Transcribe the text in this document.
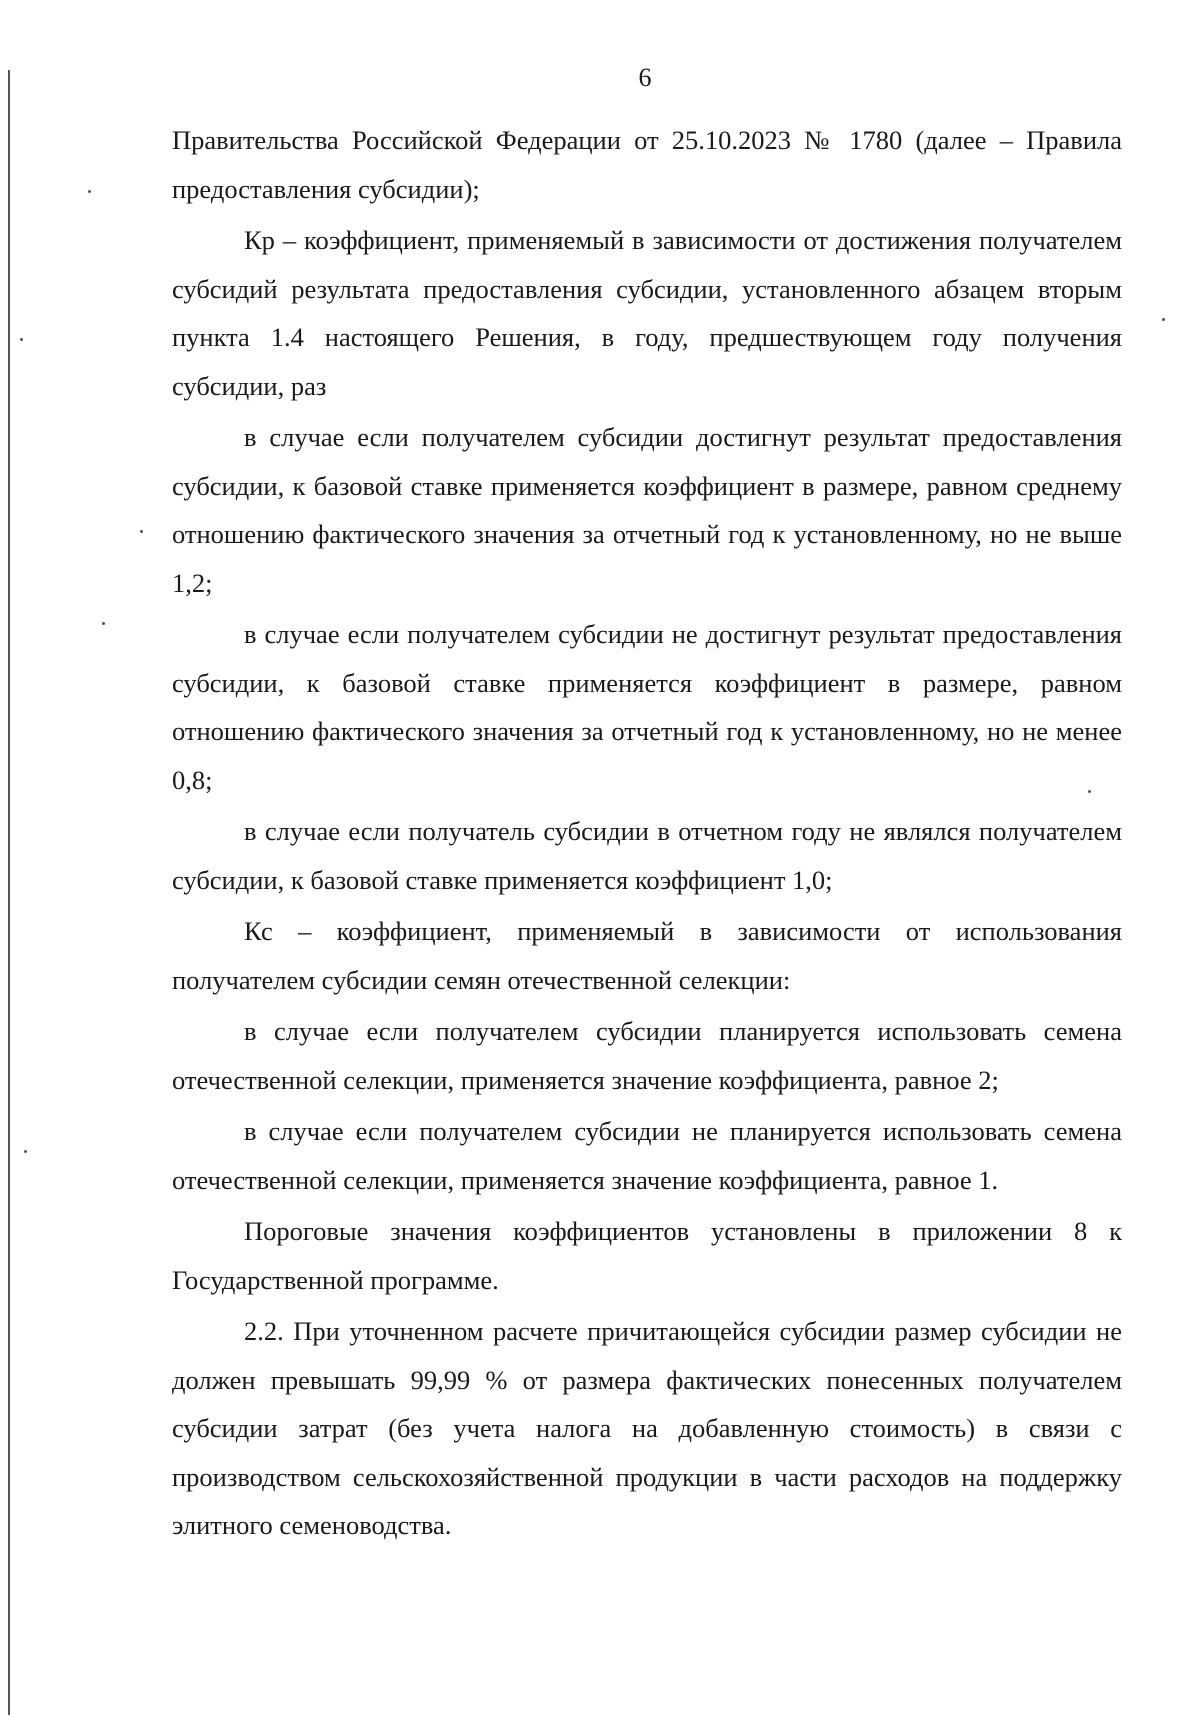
6

Правительства Российской Федерации от 25.10.2023 № 1780 (далее – Правила предоставления субсидии);

Кр – коэффициент, применяемый в зависимости от достижения получателем субсидий результата предоставления субсидии, установленного абзацем вторым пункта 1.4 настоящего Решения, в году, предшествующем году получения субсидии, раз

в случае если получателем субсидии достигнут результат предоставления субсидии, к базовой ставке применяется коэффициент в размере, равном среднему отношению фактического значения за отчетный год к установленному, но не выше 1,2;

в случае если получателем субсидии не достигнут результат предоставления субсидии, к базовой ставке применяется коэффициент в размере, равном отношению фактического значения за отчетный год к установленному, но не менее 0,8;

в случае если получатель субсидии в отчетном году не являлся получателем субсидии, к базовой ставке применяется коэффициент 1,0;

Кс – коэффициент, применяемый в зависимости от использования получателем субсидии семян отечественной селекции:

в случае если получателем субсидии планируется использовать семена отечественной селекции, применяется значение коэффициента, равное 2;

в случае если получателем субсидии не планируется использовать семена отечественной селекции, применяется значение коэффициента, равное 1.

Пороговые значения коэффициентов установлены в приложении 8 к Государственной программе.

2.2. При уточненном расчете причитающейся субсидии размер субсидии не должен превышать 99,99 % от размера фактических понесенных получателем субсидии затрат (без учета налога на добавленную стоимость) в связи с производством сельскохозяйственной продукции в части расходов на поддержку элитного семеноводства.
